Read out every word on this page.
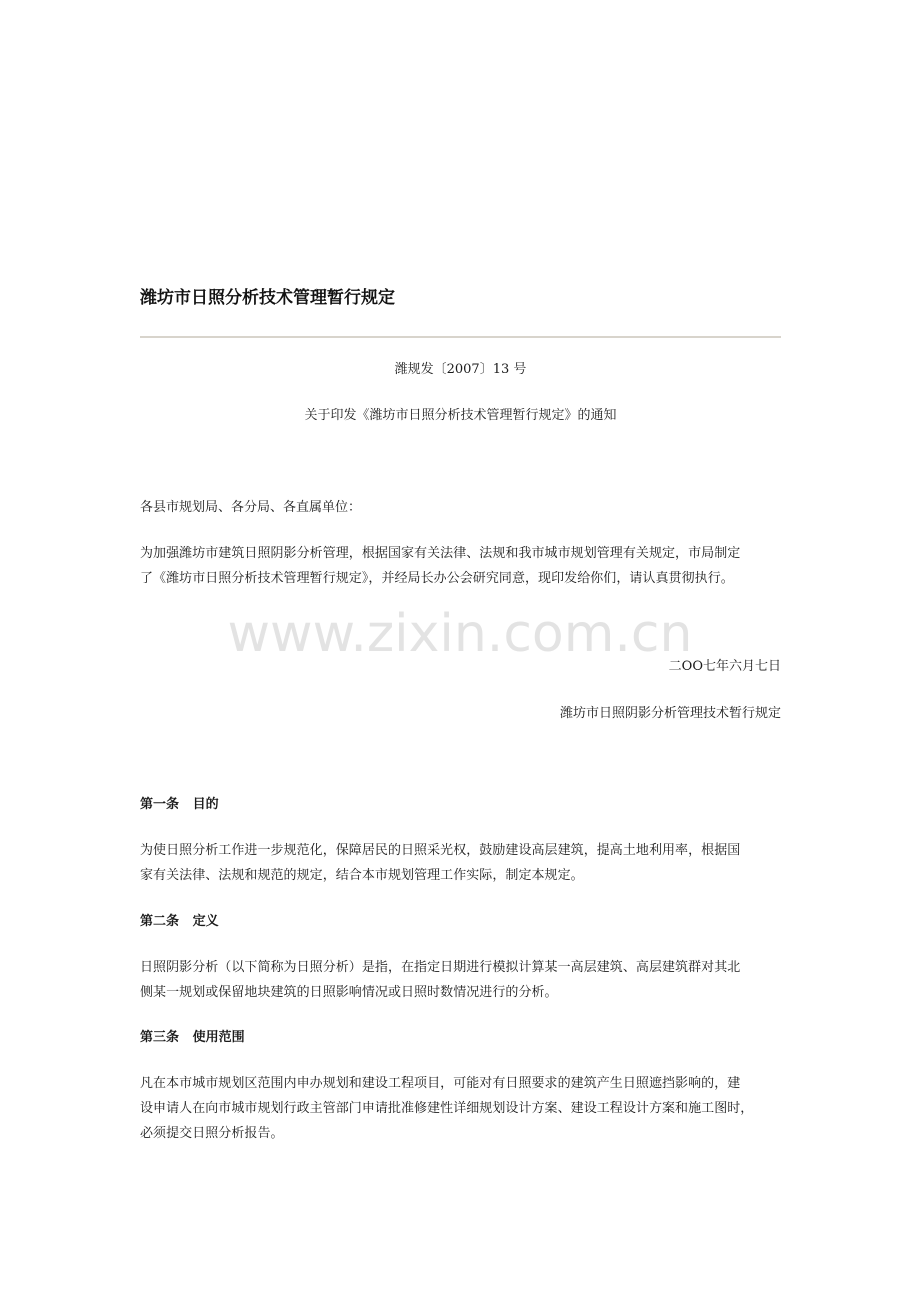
潍坊市日照分析技术管理暂行规定

潍规发〔2007〕13 号

关于印发《潍坊市日照分析技术管理暂行规定》的通知

各县市规划局、各分局、各直属单位：

为加强潍坊市建筑日照阴影分析管理，根据国家有关法律、法规和我市城市规划管理有关规定，市局制定

了《潍坊市日照分析技术管理暂行规定》，并经局长办公会研究同意，现印发给你们，请认真贯彻执行。

www.zixin.com.cn

二OO七年六月七日

潍坊市日照阴影分析管理技术暂行规定

第一条   目的

为使日照分析工作进一步规范化，保障居民的日照采光权，鼓励建设高层建筑，提高土地利用率，根据国

家有关法律、法规和规范的规定，结合本市规划管理工作实际，制定本规定。

第二条   定义

日照阴影分析（以下简称为日照分析）是指，在指定日期进行模拟计算某一高层建筑、高层建筑群对其北

侧某一规划或保留地块建筑的日照影响情况或日照时数情况进行的分析。

第三条   使用范围

凡在本市城市规划区范围内申办规划和建设工程项目，可能对有日照要求的建筑产生日照遮挡影响的，建

设申请人在向市城市规划行政主管部门申请批准修建性详细规划设计方案、建设工程设计方案和施工图时，

必须提交日照分析报告。
